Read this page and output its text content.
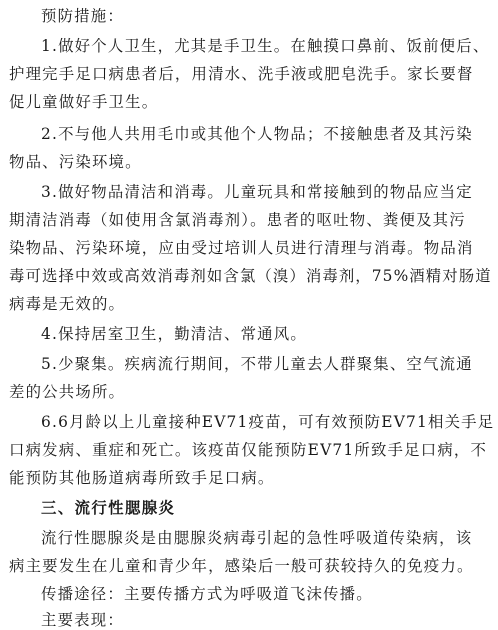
预防措施：
1.做好个人卫生，尤其是手卫生。在触摸口鼻前、饭前便后、
护理完手足口病患者后，用清水、洗手液或肥皂洗手。家长要督
促儿童做好手卫生。
2.不与他人共用毛巾或其他个人物品；不接触患者及其污染
物品、污染环境。
3.做好物品清洁和消毒。儿童玩具和常接触到的物品应当定
期清洁消毒（如使用含氯消毒剂）。患者的呕吐物、粪便及其污
染物品、污染环境，应由受过培训人员进行清理与消毒。物品消
毒可选择中效或高效消毒剂如含氯（溴）消毒剂，75%酒精对肠道
病毒是无效的。
4.保持居室卫生，勤清洁、常通风。
5.少聚集。疾病流行期间，不带儿童去人群聚集、空气流通
差的公共场所。
6.6月龄以上儿童接种EV71疫苗，可有效预防EV71相关手足
口病发病、重症和死亡。该疫苗仅能预防EV71所致手足口病，不
能预防其他肠道病毒所致手足口病。
三、流行性腮腺炎
流行性腮腺炎是由腮腺炎病毒引起的急性呼吸道传染病，该
病主要发生在儿童和青少年，感染后一般可获较持久的免疫力。
传播途径：主要传播方式为呼吸道飞沫传播。
主要表现：
